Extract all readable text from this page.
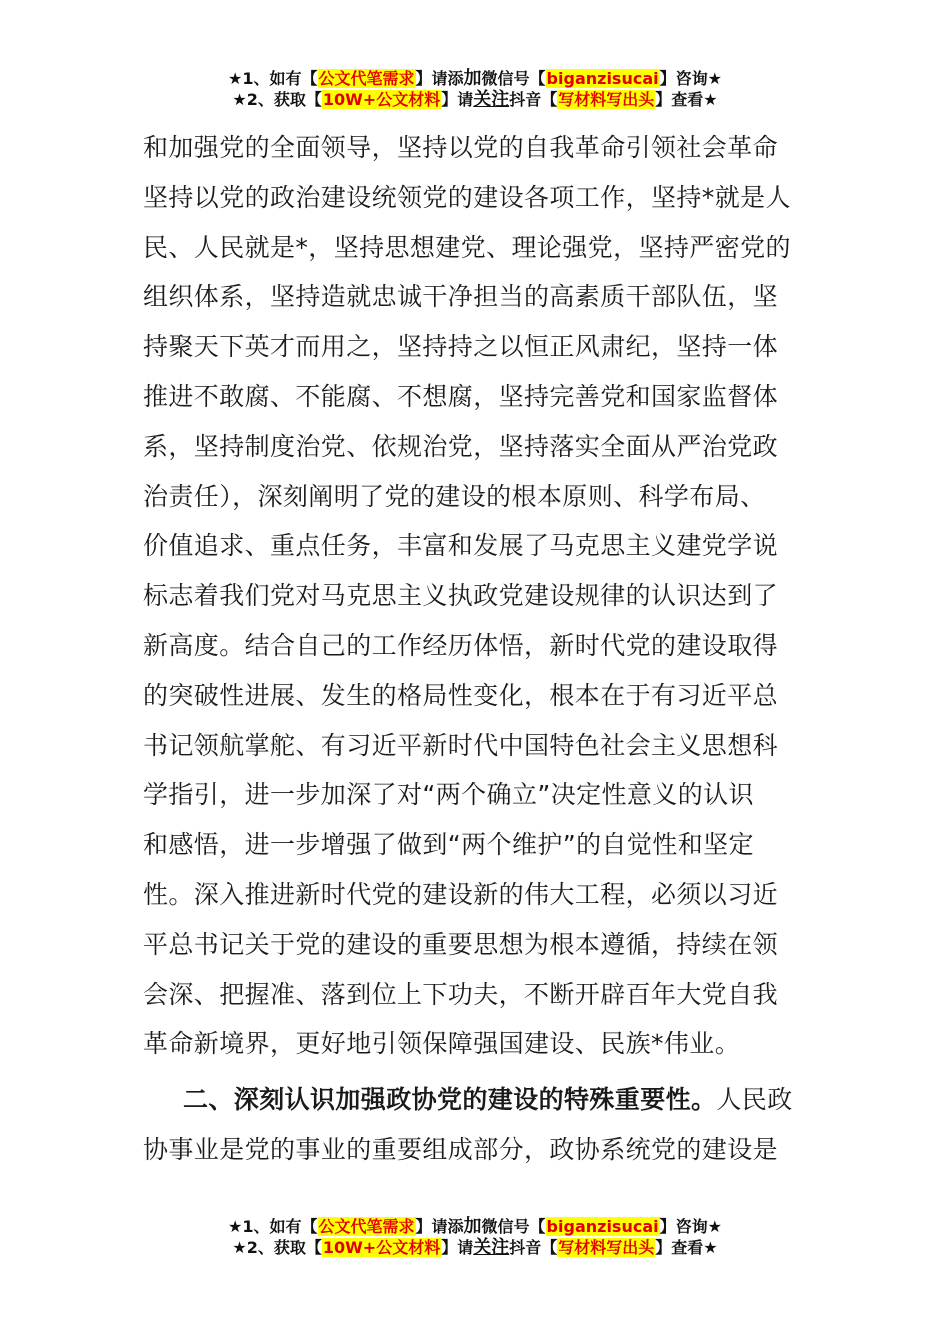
★1、如有【公文代笔需求】请添加微信号【biganzisucai】咨询★
★2、获取【10W+公文材料】请关注抖音【写材料写出头】查看★
和加强党的全面领导，坚持以党的自我革命引领社会革命
坚持以党的政治建设统领党的建设各项工作，坚持*就是人
民、人民就是*，坚持思想建党、理论强党，坚持严密党的
组织体系，坚持造就忠诚干净担当的高素质干部队伍，坚
持聚天下英才而用之，坚持持之以恒正风肃纪，坚持一体
推进不敢腐、不能腐、不想腐，坚持完善党和国家监督体
系，坚持制度治党、依规治党，坚持落实全面从严治党政
治责任），深刻阐明了党的建设的根本原则、科学布局、
价值追求、重点任务，丰富和发展了马克思主义建党学说
标志着我们党对马克思主义执政党建设规律的认识达到了
新高度。结合自己的工作经历体悟，新时代党的建设取得
的突破性进展、发生的格局性变化，根本在于有习近平总
书记领航掌舵、有习近平新时代中国特色社会主义思想科
学指引，进一步加深了对“两个确立”决定性意义的认识
和感悟，进一步增强了做到“两个维护”的自觉性和坚定
性。深入推进新时代党的建设新的伟大工程，必须以习近
平总书记关于党的建设的重要思想为根本遵循，持续在领
会深、把握准、落到位上下功夫，不断开辟百年大党自我
革命新境界，更好地引领保障强国建设、民族*伟业。
二、深刻认识加强政协党的建设的特殊重要性。人民政
协事业是党的事业的重要组成部分，政协系统党的建设是
★1、如有【公文代笔需求】请添加微信号【biganzisucai】咨询★
★2、获取【10W+公文材料】请关注抖音【写材料写出头】查看★
